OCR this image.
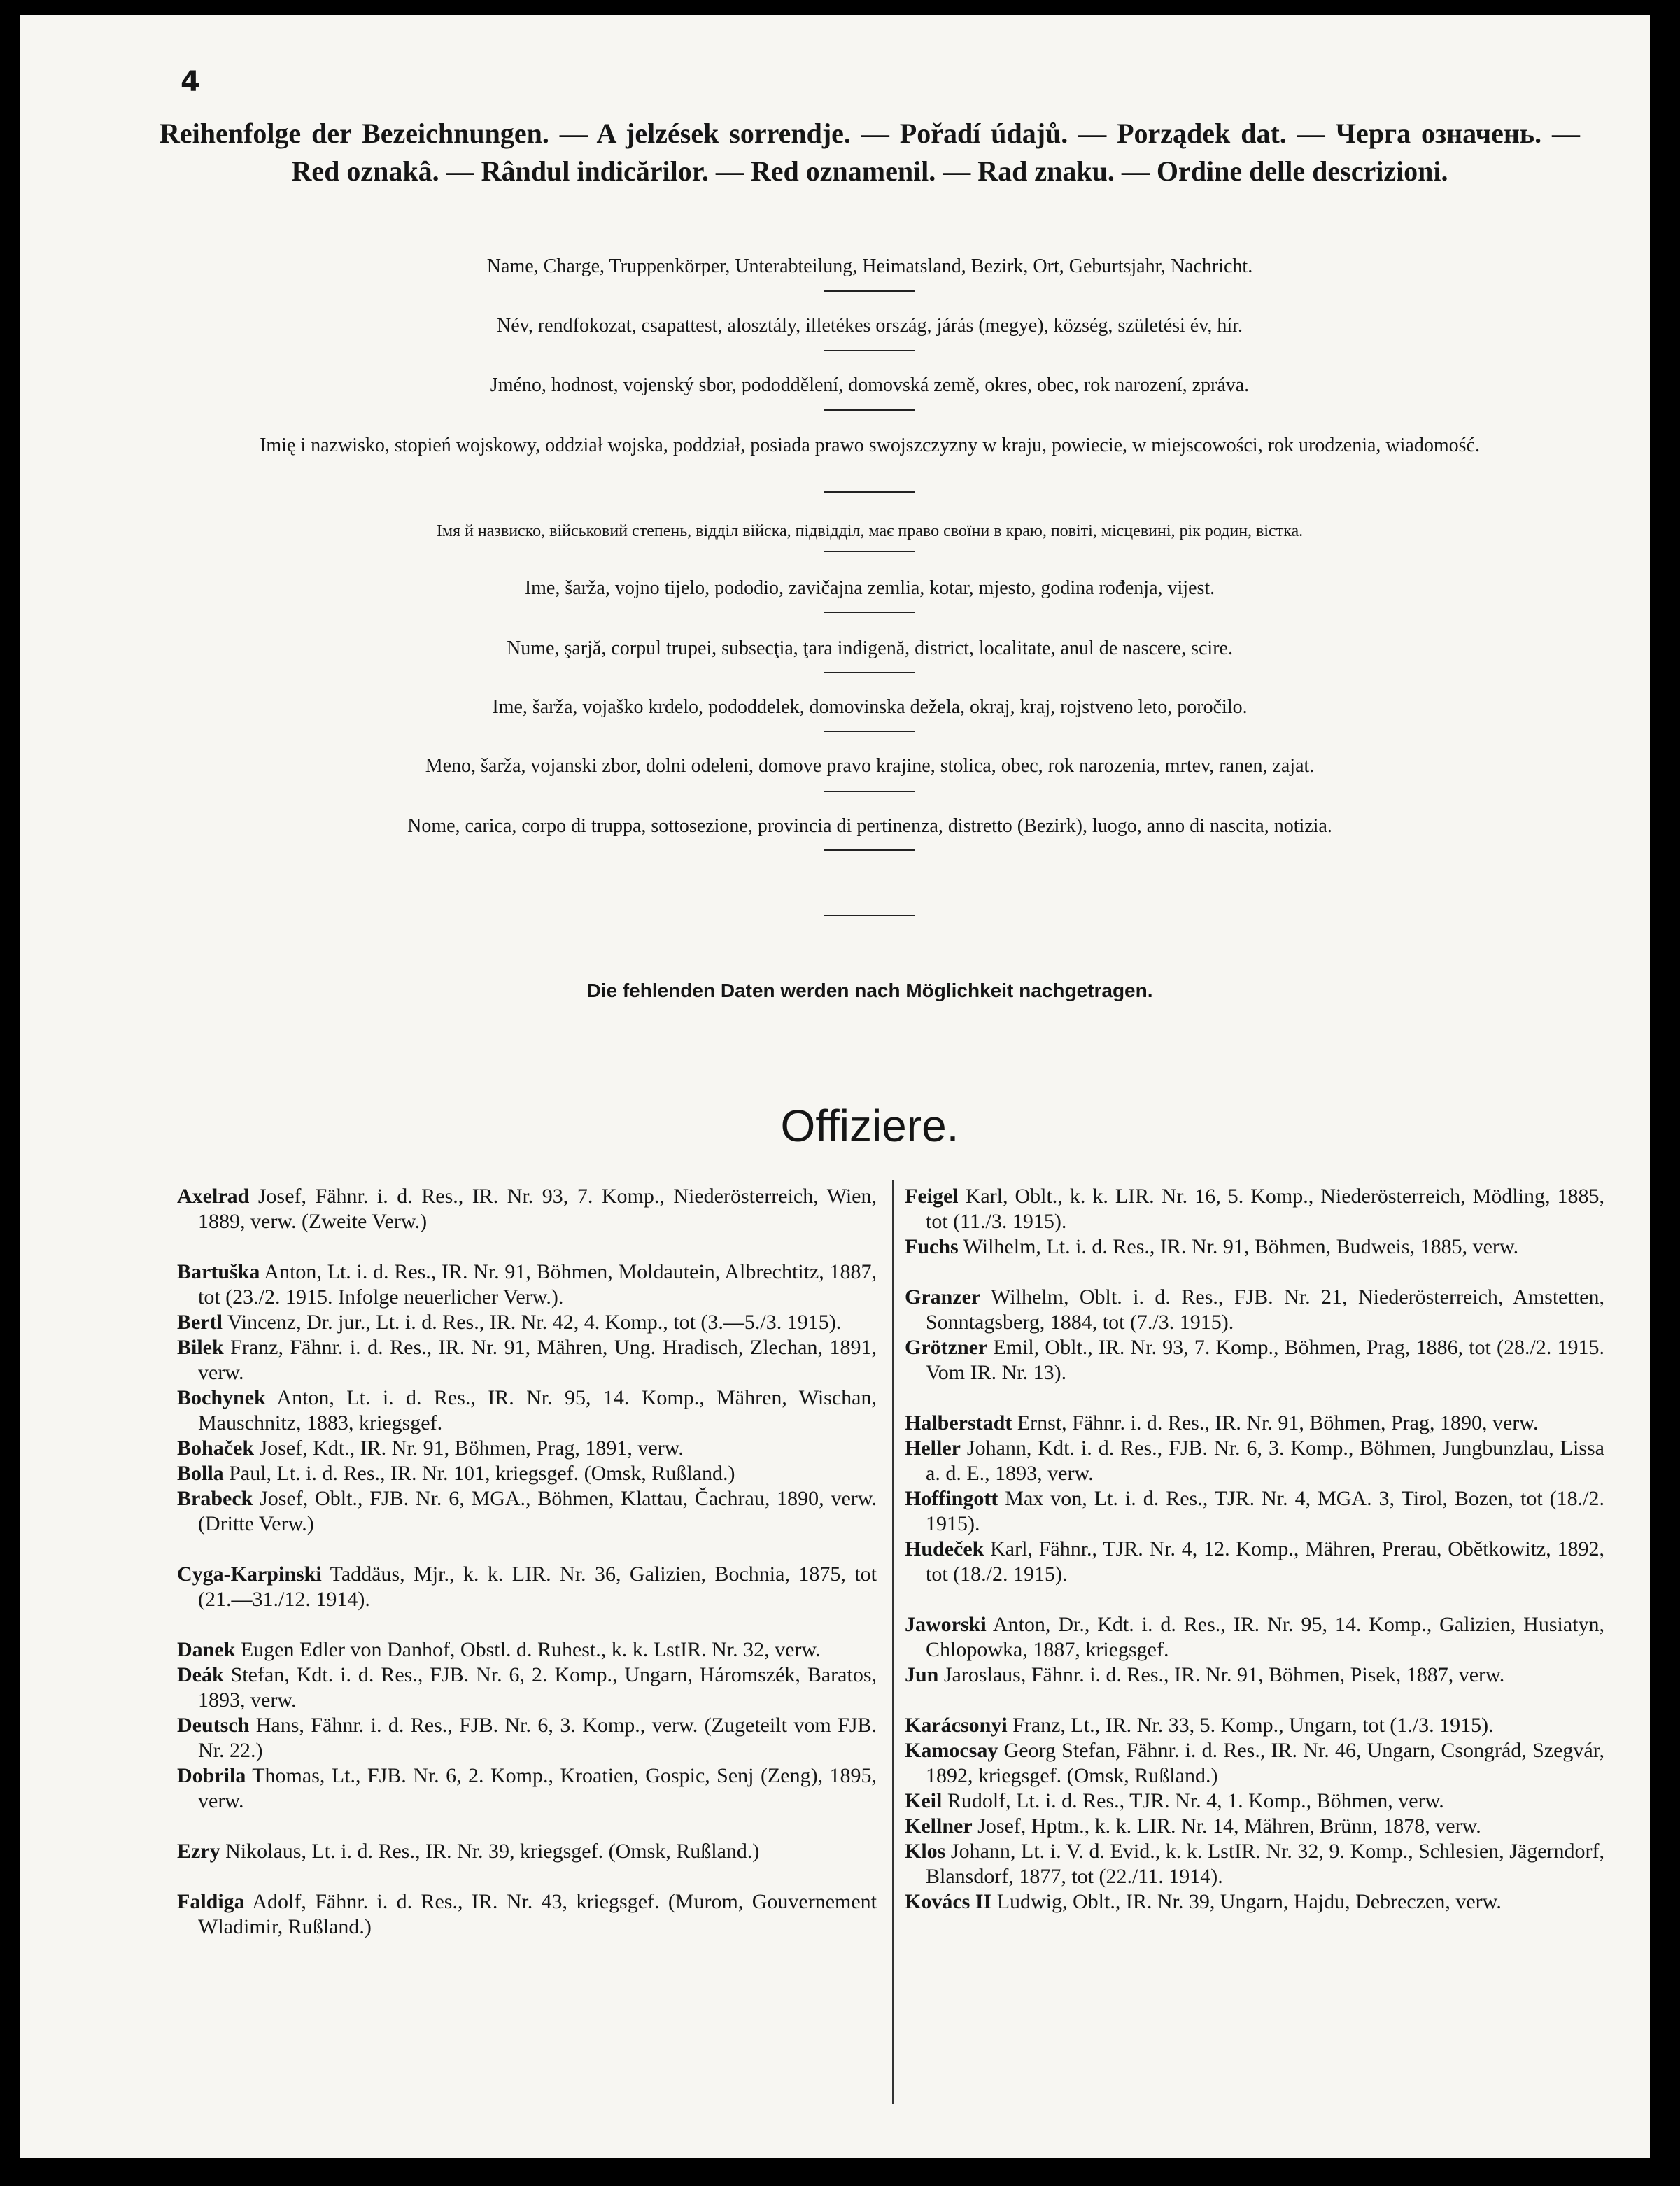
4
Reihenfolge der Bezeichnungen. — A jelzések sorrendje. — Pořadí údajů. — Porządek dat. — Черга означень. — Red oznakâ. — Rândul indicărilor. — Red oznamenil. — Rad znaku. — Ordine delle descrizioni.
Name, Charge, Truppenkörper, Unterabteilung, Heimatsland, Bezirk, Ort, Geburtsjahr, Nachricht.
Név, rendfokozat, csapattest, alosztály, illetékes ország, járás (megye), község, születési év, hír.
Jméno, hodnost, vojenský sbor, pododdělení, domovská země, okres, obec, rok narození, zpráva.
Imię i nazwisko, stopień wojskowy, oddział wojska, poddział, posiada prawo swojszczyzny w kraju, powiecie, w miejscowości, rok urodzenia, wiadomość.
Імя й назвиско, військовий степень, відділ війска, підвідділ, має право своїни в краю, повіті, місцевині, рік родин, вістка.
Ime, šarža, vojno tijelo, pododio, zavičajna zemlia, kotar, mjesto, godina rođenja, vijest.
Nume, şarjă, corpul trupei, subsecţia, ţara indigenă, district, localitate, anul de nascere, scire.
Ime, šarža, vojaško krdelo, pododdelek, domovinska dežela, okraj, kraj, rojstveno leto, poročilo.
Meno, šarža, vojanski zbor, dolni odeleni, domove pravo krajine, stolica, obec, rok narozenia, mrtev, ranen, zajat.
Nome, carica, corpo di truppa, sottosezione, provincia di pertinenza, distretto (Bezirk), luogo, anno di nascita, notizia.
Die fehlenden Daten werden nach Möglichkeit nachgetragen.
Offiziere.

Axelrad Josef, Fähnr. i. d. Res., IR. Nr. 93, 7. Komp., Niederösterreich, Wien, 1889, verw. (Zweite Verw.)

Bartuška Anton, Lt. i. d. Res., IR. Nr. 91, Böhmen, Moldautein, Albrechtitz, 1887, tot (23./2. 1915. Infolge neuerlicher Verw.).

Bertl Vincenz, Dr. jur., Lt. i. d. Res., IR. Nr. 42, 4. Komp., tot (3.—5./3. 1915).

Bilek Franz, Fähnr. i. d. Res., IR. Nr. 91, Mähren, Ung. Hradisch, Zlechan, 1891, verw.

Bochynek Anton, Lt. i. d. Res., IR. Nr. 95, 14. Komp., Mähren, Wischan, Mauschnitz, 1883, kriegsgef.

Bohaček Josef, Kdt., IR. Nr. 91, Böhmen, Prag, 1891, verw.

Bolla Paul, Lt. i. d. Res., IR. Nr. 101, kriegsgef. (Omsk, Rußland.)

Brabeck Josef, Oblt., FJB. Nr. 6, MGA., Böhmen, Klattau, Čachrau, 1890, verw. (Dritte Verw.)

Cyga-Karpinski Taddäus, Mjr., k. k. LIR. Nr. 36, Galizien, Bochnia, 1875, tot (21.—31./12. 1914).

Danek Eugen Edler von Danhof, Obstl. d. Ruhest., k. k. LstIR. Nr. 32, verw.

Deák Stefan, Kdt. i. d. Res., FJB. Nr. 6, 2. Komp., Ungarn, Háromszék, Baratos, 1893, verw.

Deutsch Hans, Fähnr. i. d. Res., FJB. Nr. 6, 3. Komp., verw. (Zugeteilt vom FJB. Nr. 22.)

Dobrila Thomas, Lt., FJB. Nr. 6, 2. Komp., Kroatien, Gospic, Senj (Zeng), 1895, verw.

Ezry Nikolaus, Lt. i. d. Res., IR. Nr. 39, kriegsgef. (Omsk, Rußland.)

Faldiga Adolf, Fähnr. i. d. Res., IR. Nr. 43, kriegsgef. (Murom, Gouvernement Wladimir, Rußland.)

Feigel Karl, Oblt., k. k. LIR. Nr. 16, 5. Komp., Niederösterreich, Mödling, 1885, tot (11./3. 1915).

Fuchs Wilhelm, Lt. i. d. Res., IR. Nr. 91, Böhmen, Budweis, 1885, verw.

Granzer Wilhelm, Oblt. i. d. Res., FJB. Nr. 21, Niederösterreich, Amstetten, Sonntagsberg, 1884, tot (7./3. 1915).

Grötzner Emil, Oblt., IR. Nr. 93, 7. Komp., Böhmen, Prag, 1886, tot (28./2. 1915. Vom IR. Nr. 13).

Halberstadt Ernst, Fähnr. i. d. Res., IR. Nr. 91, Böhmen, Prag, 1890, verw.

Heller Johann, Kdt. i. d. Res., FJB. Nr. 6, 3. Komp., Böhmen, Jungbunzlau, Lissa a. d. E., 1893, verw.

Hoffingott Max von, Lt. i. d. Res., TJR. Nr. 4, MGA. 3, Tirol, Bozen, tot (18./2. 1915).

Hudeček Karl, Fähnr., TJR. Nr. 4, 12. Komp., Mähren, Prerau, Obětkowitz, 1892, tot (18./2. 1915).

Jaworski Anton, Dr., Kdt. i. d. Res., IR. Nr. 95, 14. Komp., Galizien, Husiatyn, Chlopowka, 1887, kriegsgef.

Jun Jaroslaus, Fähnr. i. d. Res., IR. Nr. 91, Böhmen, Pisek, 1887, verw.

Karácsonyi Franz, Lt., IR. Nr. 33, 5. Komp., Ungarn, tot (1./3. 1915).

Kamocsay Georg Stefan, Fähnr. i. d. Res., IR. Nr. 46, Ungarn, Csongrád, Szegvár, 1892, kriegsgef. (Omsk, Rußland.)

Keil Rudolf, Lt. i. d. Res., TJR. Nr. 4, 1. Komp., Böhmen, verw.

Kellner Josef, Hptm., k. k. LIR. Nr. 14, Mähren, Brünn, 1878, verw.

Klos Johann, Lt. i. V. d. Evid., k. k. LstIR. Nr. 32, 9. Komp., Schlesien, Jägerndorf, Blansdorf, 1877, tot (22./11. 1914).

Kovács II Ludwig, Oblt., IR. Nr. 39, Ungarn, Hajdu, Debreczen, verw.
